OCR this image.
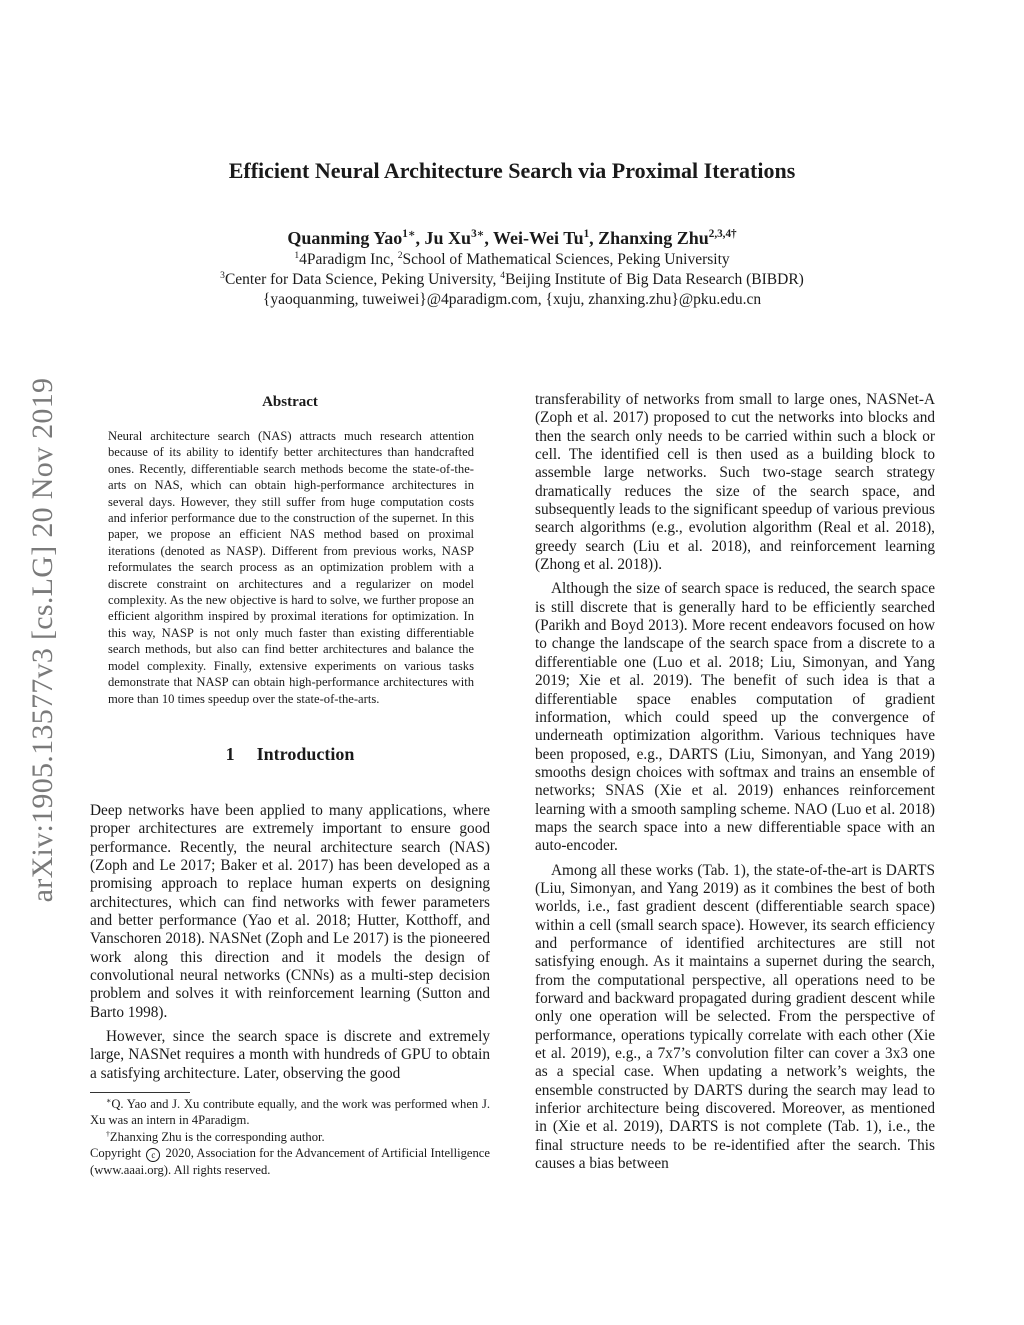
arXiv:1905.13577v3 [cs.LG] 20 Nov 2019
Efficient Neural Architecture Search via Proximal Iterations
Quanming Yao$^{1∗}$, Ju $Xu^{3∗}$, Wei-Wei Tu$^1$, Zhanxing Zhu$^{2,3,4\dagger}$
$^1$4Paradigm Inc, $^2$School of Mathematical Sciences, Peking University
$^3$Center for Data Science, Peking University, $^4$Beijing Institute of Big Data Research (BIBDR)
{yaoquanming, tuweiwei}@4paradigm.com, {xuju, zhanxing.zhu}@pku.edu.cn
Abstract
Neural architecture search (NAS) attracts much research attention because of its ability to identify better architectures than handcrafted ones. Recently, differentiable search methods become the state-of-the-arts on NAS, which can obtain high-performance architectures in several days. However, they still suffer from huge computation costs and inferior performance due to the construction of the supernet. In this paper, we propose an efficient NAS method based on proximal iterations (denoted as NASP). Different from previous works, NASP reformulates the search process as an optimization problem with a discrete constraint on architectures and a regularizer on model complexity. As the new objective is hard to solve, we further propose an efficient algorithm inspired by proximal iterations for optimization. In this way, NASP is not only much faster than existing differentiable search methods, but also can find better architectures and balance the model complexity. Finally, extensive experiments on various tasks demonstrate that NASP can obtain high-performance architectures with more than 10 times speedup over the state-of-the-arts.
1 Introduction

Deep networks have been applied to many applications, where proper architectures are extremely important to ensure good performance. Recently, the neural architecture search (NAS) (Zoph and Le 2017; Baker et al. 2017) has been developed as a promising approach to replace human experts on designing architectures, which can find networks with fewer parameters and better performance (Yao et al. 2018; Hutter, Kotthoff, and Vanschoren 2018). NASNet (Zoph and Le 2017) is the pioneered work along this direction and it models the design of convolutional neural networks (CNNs) as a multi-step decision problem and solves it with reinforcement learning (Sutton and Barto 1998).

However, since the search space is discrete and extremely large, NASNet requires a month with hundreds of GPU to obtain a satisfying architecture. Later, observing the good

∗Q. Yao and J. Xu contribute equally, and the work was performed when J. Xu was an intern in 4Paradigm.

†Zhanxing Zhu is the corresponding author.

Copyright c 2020, Association for the Advancement of Artificial Intelligence (www.aaai.org). All rights reserved.

transferability of networks from small to large ones, NASNet-A (Zoph et al. 2017) proposed to cut the networks into blocks and then the search only needs to be carried within such a block or cell. The identified cell is then used as a building block to assemble large networks. Such two-stage search strategy dramatically reduces the size of the search space, and subsequently leads to the significant speedup of various previous search algorithms (e.g., evolution algorithm (Real et al. 2018), greedy search (Liu et al. 2018), and reinforcement learning (Zhong et al. 2018)).

Although the size of search space is reduced, the search space is still discrete that is generally hard to be efficiently searched (Parikh and Boyd 2013). More recent endeavors focused on how to change the landscape of the search space from a discrete to a differentiable one (Luo et al. 2018; Liu, Simonyan, and Yang 2019; Xie et al. 2019). The benefit of such idea is that a differentiable space enables computation of gradient information, which could speed up the convergence of underneath optimization algorithm. Various techniques have been proposed, e.g., DARTS (Liu, Simonyan, and Yang 2019) smooths design choices with softmax and trains an ensemble of networks; SNAS (Xie et al. 2019) enhances reinforcement learning with a smooth sampling scheme. NAO (Luo et al. 2018) maps the search space into a new differentiable space with an auto-encoder.

Among all these works (Tab. 1), the state-of-the-art is DARTS (Liu, Simonyan, and Yang 2019) as it combines the best of both worlds, i.e., fast gradient descent (differentiable search space) within a cell (small search space). However, its search efficiency and performance of identified architectures are still not satisfying enough. As it maintains a supernet during the search, from the computational perspective, all operations need to be forward and backward propagated during gradient descent while only one operation will be selected. From the perspective of performance, operations typically correlate with each other (Xie et al. 2019), e.g., a 7x7’s convolution filter can cover a 3x3 one as a special case. When updating a network’s weights, the ensemble constructed by DARTS during the search may lead to inferior architecture being discovered. Moreover, as mentioned in (Xie et al. 2019), DARTS is not complete (Tab. 1), i.e., the final structure needs to be re-identified after the search. This causes a bias between
